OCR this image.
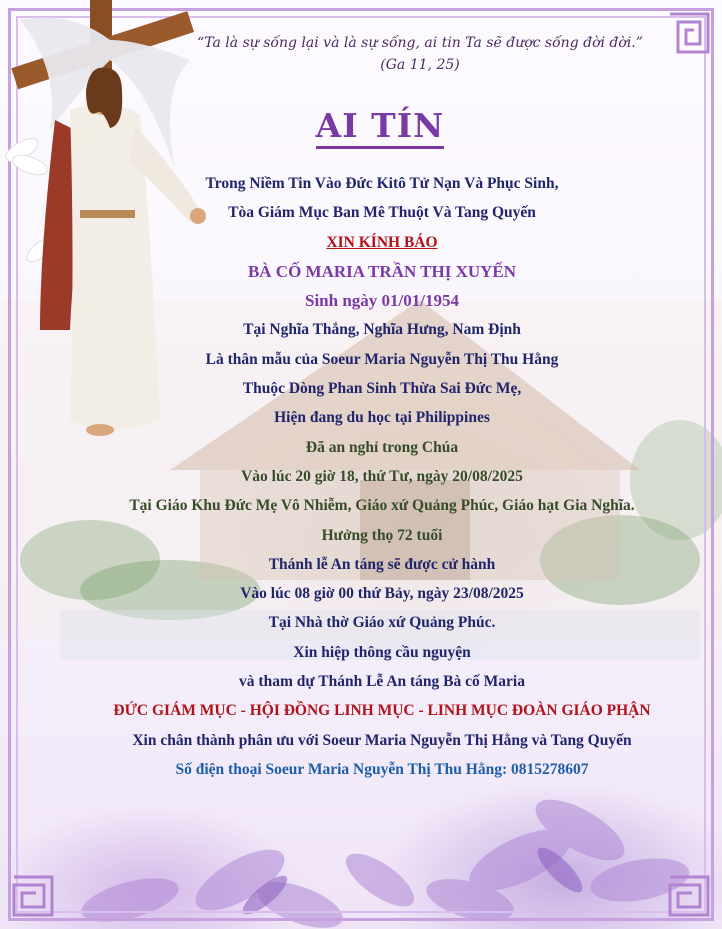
“Ta là sự sống lại và là sự sống, ai tin Ta sẽ được sống đời đời.”
(Ga 11, 25)
AI TÍN
Trong Niềm Tin Vào Đức Kitô Tử Nạn Và Phục Sinh,
Tòa Giám Mục Ban Mê Thuột Và Tang Quyến
XIN KÍNH BÁO
BÀ CỐ MARIA TRẦN THỊ XUYẾN
Sinh ngày 01/01/1954
Tại Nghĩa Thắng, Nghĩa Hưng, Nam Định
Là thân mẫu của Soeur Maria Nguyễn Thị Thu Hằng
Thuộc Dòng Phan Sinh Thừa Sai Đức Mẹ,
Hiện đang du học tại Philippines
Đã an nghỉ trong Chúa
Vào lúc 20 giờ 18, thứ Tư, ngày 20/08/2025
Tại Giáo Khu Đức Mẹ Vô Nhiễm, Giáo xứ Quảng Phúc, Giáo hạt Gia Nghĩa.
Hưởng thọ 72 tuổi
Thánh lễ An táng sẽ được cử hành
Vào lúc 08 giờ 00 thứ Bảy, ngày 23/08/2025
Tại Nhà thờ Giáo xứ Quảng Phúc.
Xin hiệp thông cầu nguyện
và tham dự Thánh Lễ An táng Bà cố Maria
ĐỨC GIÁM MỤC - HỘI ĐỒNG LINH MỤC - LINH MỤC ĐOÀN GIÁO PHẬN
Xin chân thành phân ưu với Soeur Maria Nguyễn Thị Hằng và Tang Quyến
Số điện thoại Soeur Maria Nguyễn Thị Thu Hằng: 0815278607
